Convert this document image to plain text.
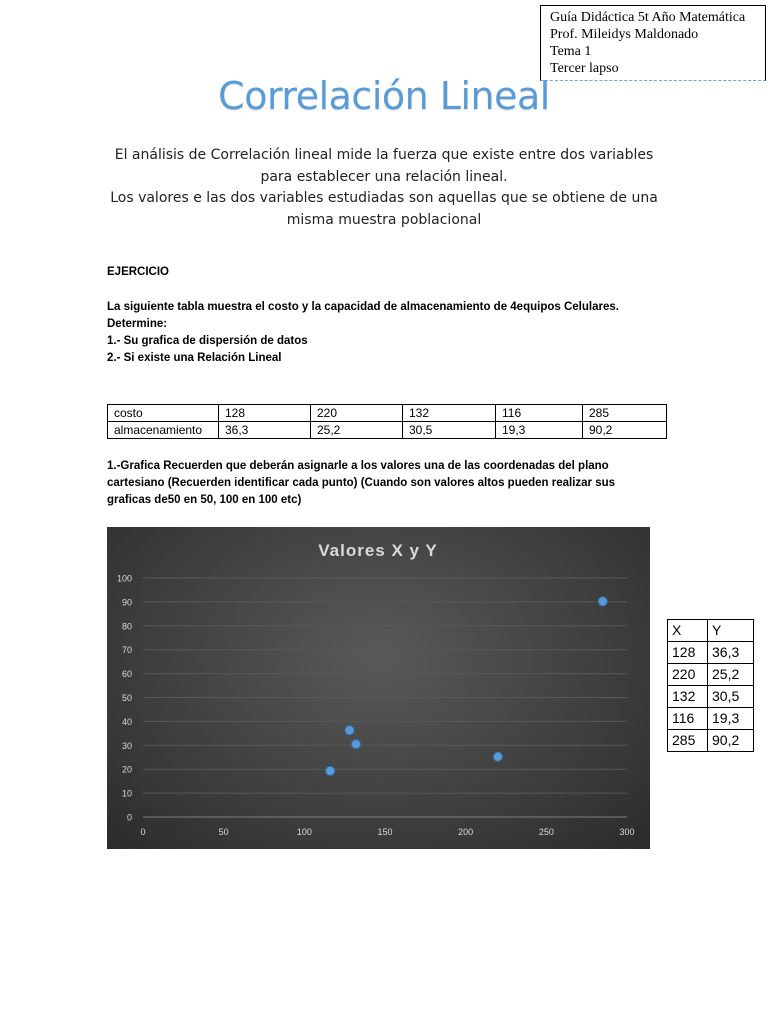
Guía Didáctica 5t Año Matemática
Prof. Mileidys Maldonado
Tema 1
Tercer lapso
Correlación Lineal
El análisis de Correlación lineal mide la fuerza que existe entre dos variables
para establecer una relación lineal.
Los valores e las dos variables estudiadas son aquellas que se obtiene de una
misma muestra poblacional
EJERCICIO
La siguiente tabla muestra el costo y la capacidad de almacenamiento de 4equipos Celulares.
Determine:
1.- Su grafica de dispersión de datos
2.- Si existe una Relación Lineal
costo	128	220	132	116	285
almacenamiento	36,3	25,2	30,5	19,3	90,2
1.-Grafica Recuerden que deberán asignarle a los valores una de las coordenadas del plano
cartesiano (Recuerden identificar cada punto) (Cuando son valores altos pueden realizar sus
graficas de50 en 50, 100 en 100 etc)
Valores X y Y
0
10
20
30
40
50
60
70
80
90
100
0	50	100	150	200	250	300
X	Y
128	36,3
220	25,2
132	30,5
116	19,3
285	90,2
